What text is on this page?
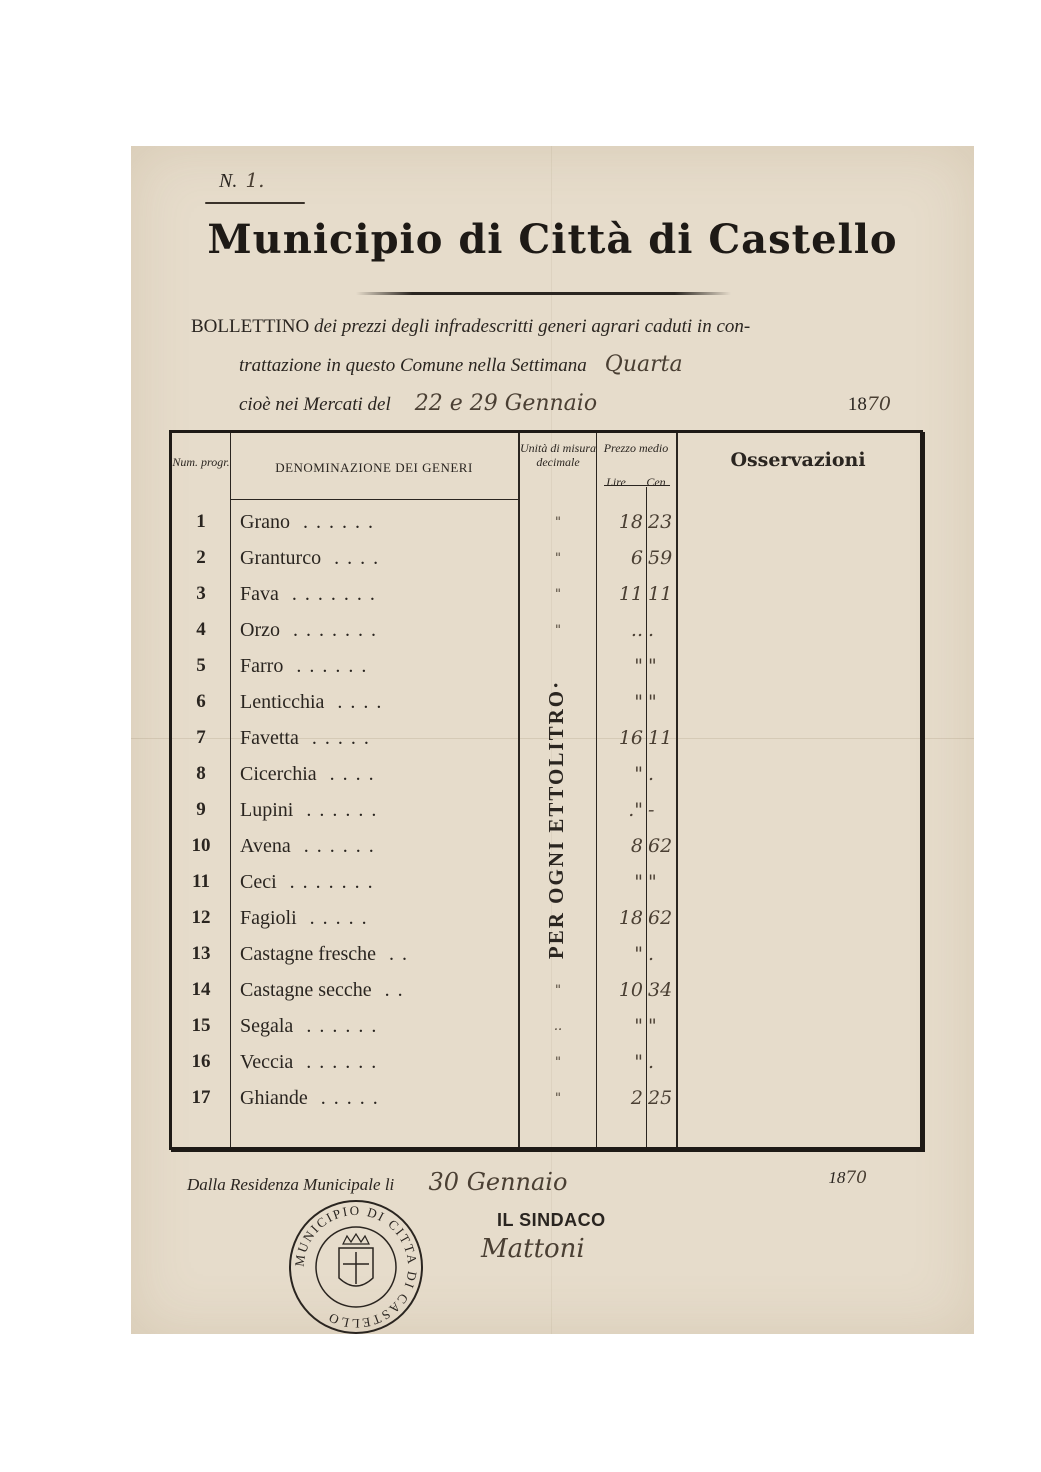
N. 1.
Municipio di Città di Castello
BOLLETTINO dei prezzi degli infradescritti generi agrari caduti in con-
trattazione in questo Comune nella Settimana Quarta
cioè nei Mercati del 22 e 29 Gennaio	1870
Num. progr.	DENOMINAZIONE DEI GENERI
Unità di misura decimale
Prezzo medio
Lire	Cen
Osservazioni
1	Grano ......	"	18 23
2	Granturco ....	"	6 59
3	Fava .......	"	11 11
4	Orzo .......	"	.. .
5	Farro ......	" "
6	Lenticchia ....	" "
7	Favetta .....	16 11
8	Cicerchia ....	" .
9	Lupini ......	." -
10	Avena ......	8 62
11	Ceci .......	" "
12	Fagioli .....	18 62
13	Castagne fresche ..	" .
14	Castagne secche ..	"	10 34
15	Segala ......	..	" "
16	Veccia ......	"	" .
17	Ghiande .....	"	2 25
PER OGNI ETTOLITRO·
Dalla Residenza Municipale li 30 Gennaio	1870
IL SINDACO
Mattoni
MUNICIPIO DI CITTA DI CASTELLO
